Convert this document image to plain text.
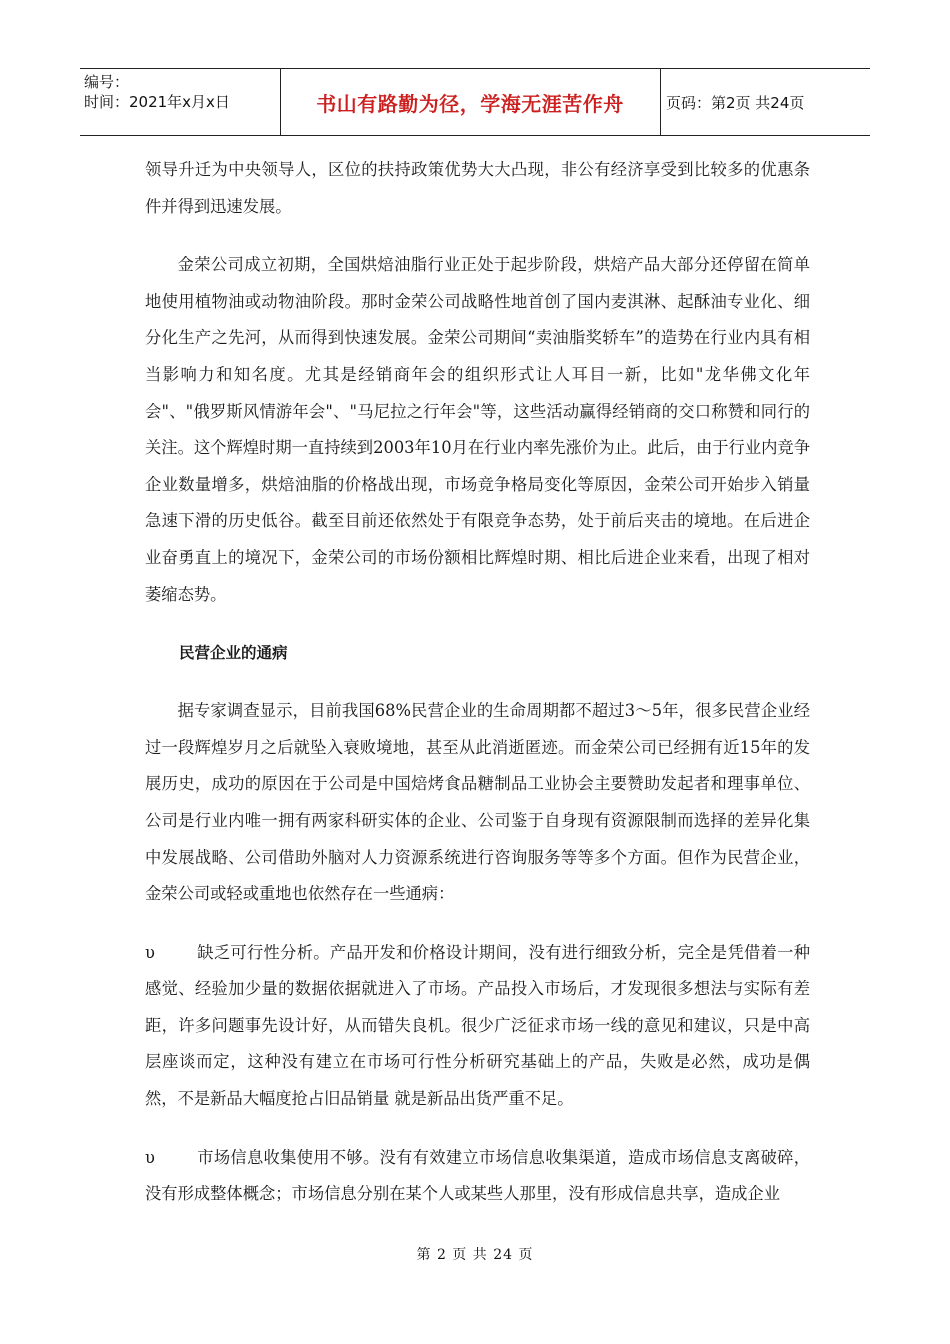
编号：
时间：2021年x月x日	书山有路勤为径，学海无涯苦作舟	页码：第2页 共24页

领导升迁为中央领导人，区位的扶持政策优势大大凸现，非公有经济享受到比较多的优惠条件并得到迅速发展。

金荣公司成立初期，全国烘焙油脂行业正处于起步阶段，烘焙产品大部分还停留在简单地使用植物油或动物油阶段。那时金荣公司战略性地首创了国内麦淇淋、起酥油专业化、细分化生产之先河，从而得到快速发展。金荣公司期间“卖油脂奖轿车”的造势在行业内具有相当影响力和知名度。尤其是经销商年会的组织形式让人耳目一新，比如"龙华佛文化年会"、"俄罗斯风情游年会"、"马尼拉之行年会"等，这些活动赢得经销商的交口称赞和同行的关注。这个辉煌时期一直持续到2003年10月在行业内率先涨价为止。此后，由于行业内竞争企业数量增多，烘焙油脂的价格战出现，市场竞争格局变化等原因，金荣公司开始步入销量急速下滑的历史低谷。截至目前还依然处于有限竞争态势，处于前后夹击的境地。在后进企业奋勇直上的境况下，金荣公司的市场份额相比辉煌时期、相比后进企业来看，出现了相对萎缩态势。

民营企业的通病

据专家调查显示，目前我国68%民营企业的生命周期都不超过3～5年，很多民营企业经过一段辉煌岁月之后就坠入衰败境地，甚至从此消逝匿迹。而金荣公司已经拥有近15年的发展历史，成功的原因在于公司是中国焙烤食品糖制品工业协会主要赞助发起者和理事单位、公司是行业内唯一拥有两家科研实体的企业、公司鉴于自身现有资源限制而选择的差异化集中发展战略、公司借助外脑对人力资源系统进行咨询服务等等多个方面。但作为民营企业，金荣公司或轻或重地也依然存在一些通病：

υ	缺乏可行性分析。产品开发和价格设计期间，没有进行细致分析，完全是凭借着一种感觉、经验加少量的数据依据就进入了市场。产品投入市场后，才发现很多想法与实际有差距，许多问题事先设计好，从而错失良机。很少广泛征求市场一线的意见和建议，只是中高层座谈而定，这种没有建立在市场可行性分析研究基础上的产品，失败是必然，成功是偶然，不是新品大幅度抢占旧品销量 就是新品出货严重不足。

υ	市场信息收集使用不够。没有有效建立市场信息收集渠道，造成市场信息支离破碎，没有形成整体概念；市场信息分别在某个人或某些人那里，没有形成信息共享，造成企业

第 2 页 共 24 页
